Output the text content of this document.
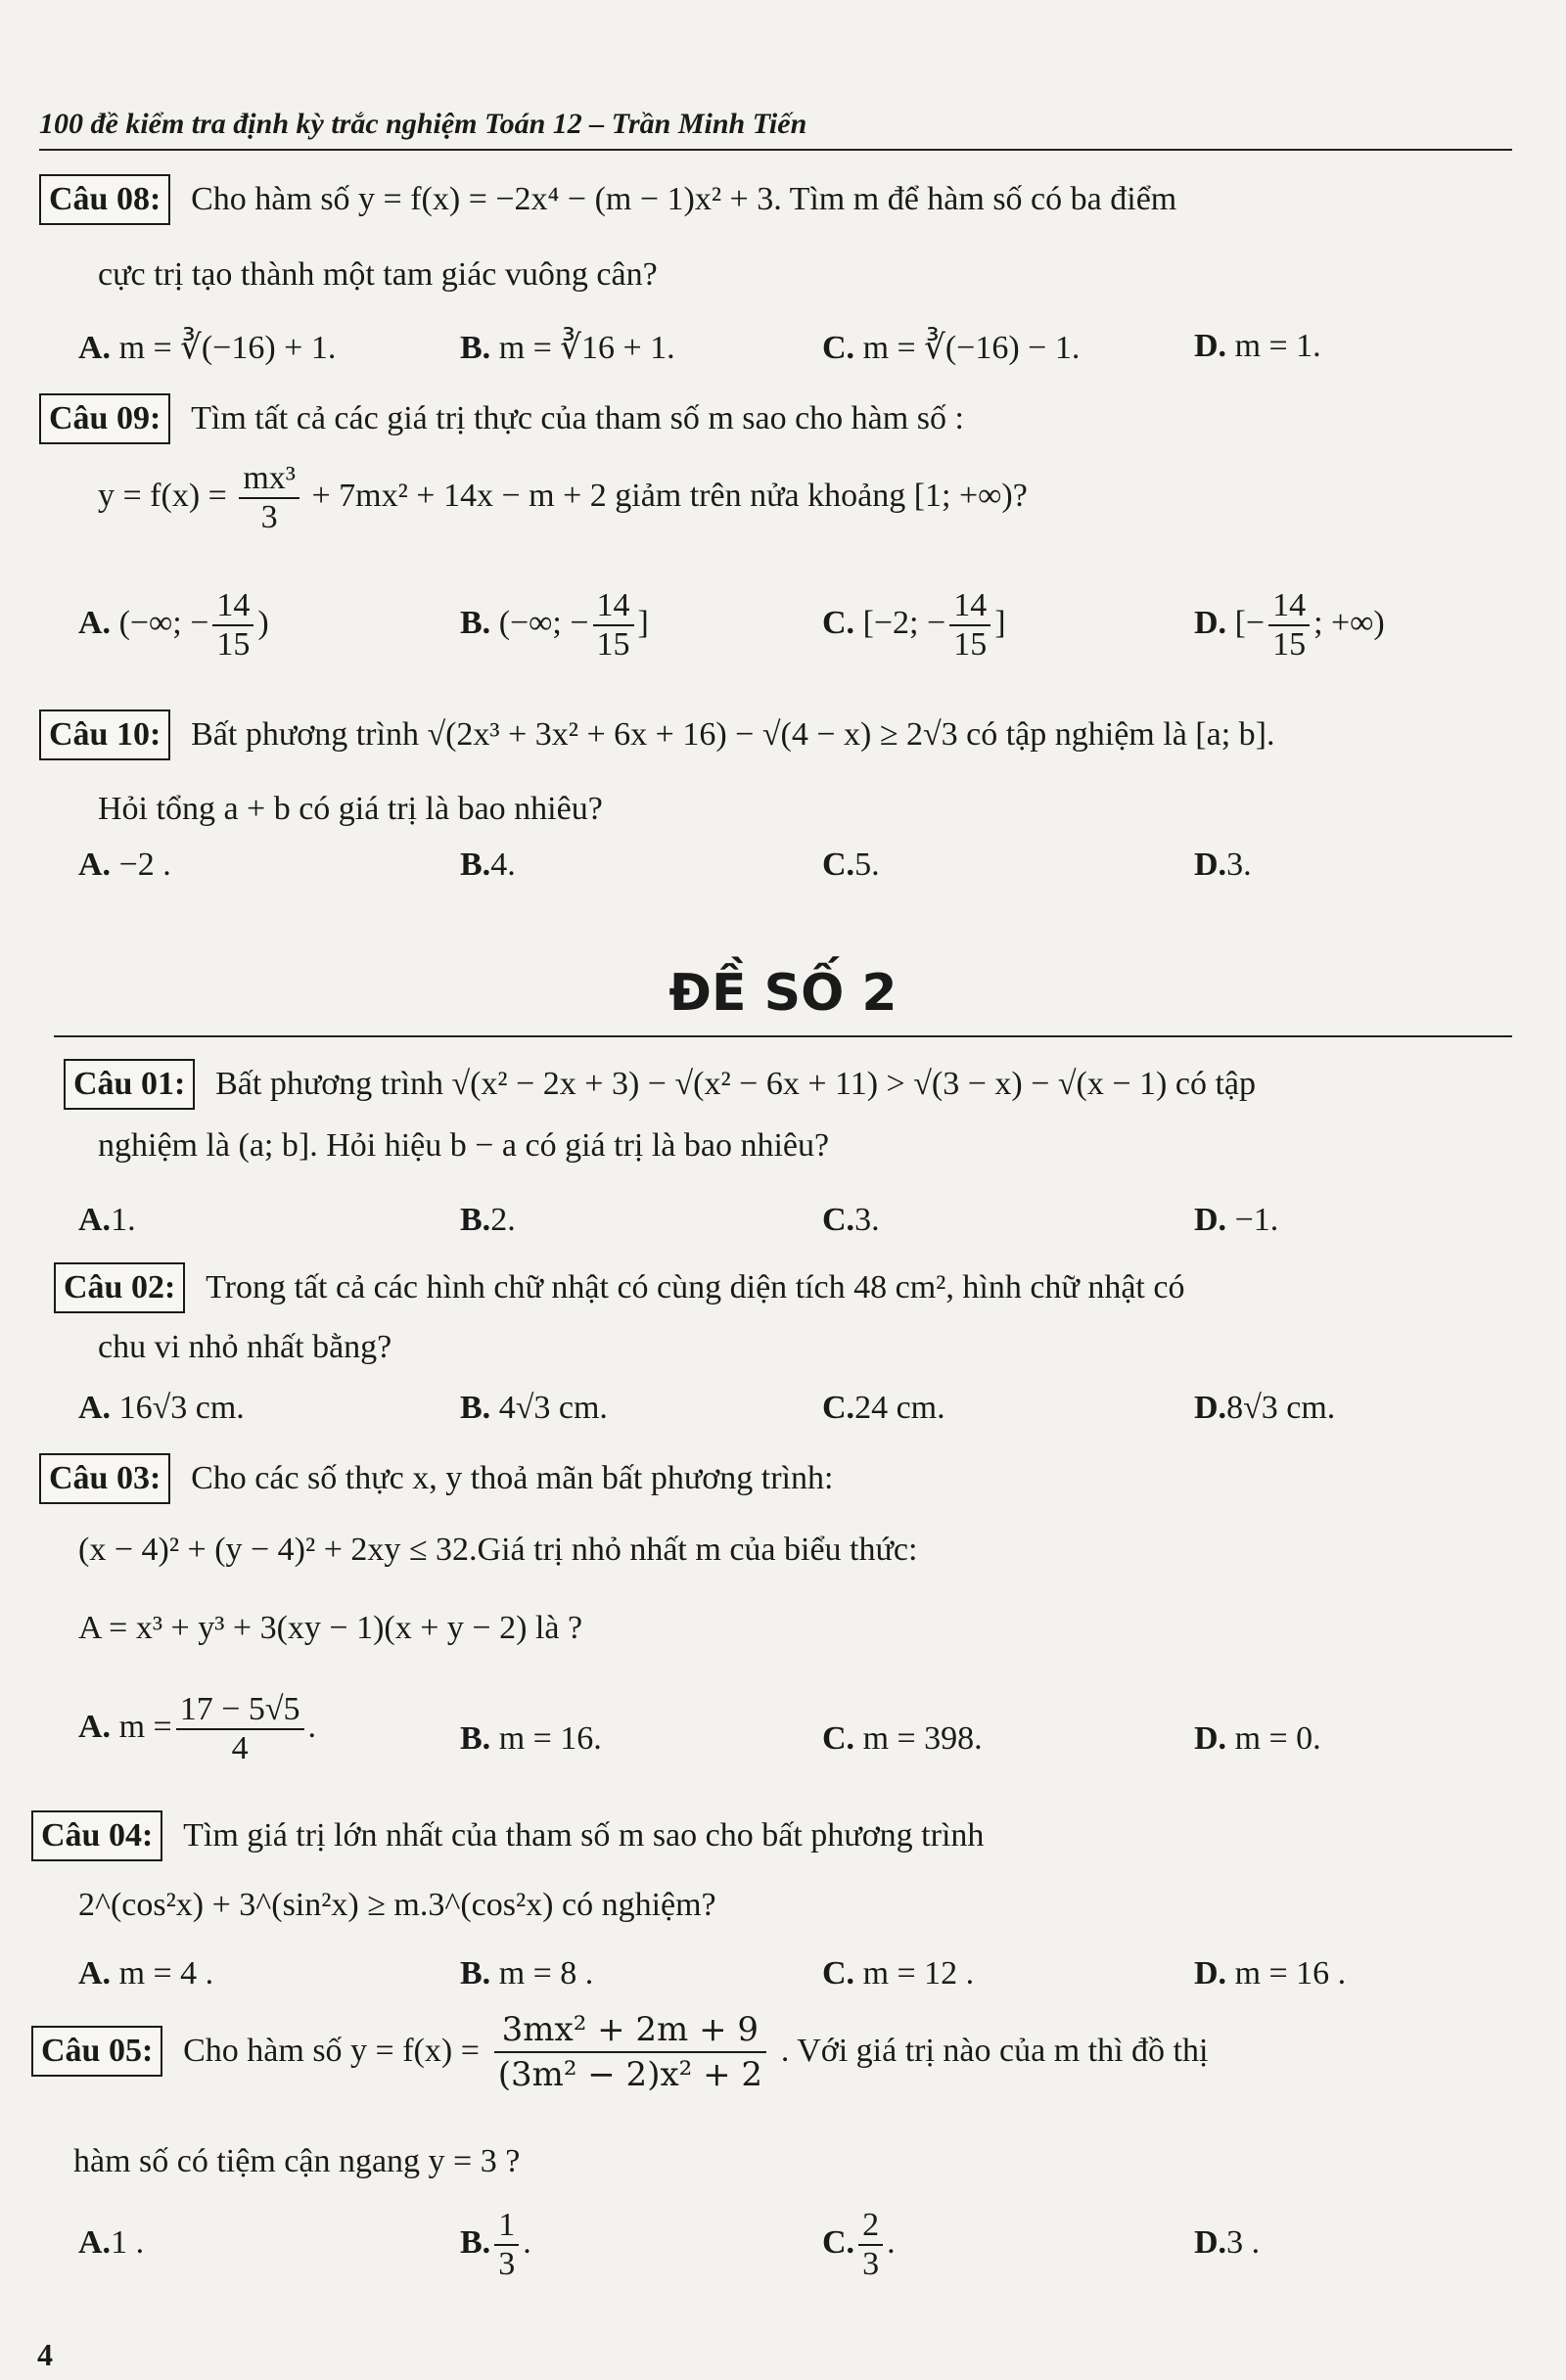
100 đề kiểm tra định kỳ trắc nghiệm Toán 12 – Trần Minh Tiến
Câu 08: Cho hàm số y = f(x) = −2x⁴ − (m − 1)x² + 3. Tìm m để hàm số có ba điểm
cực trị tạo thành một tam giác vuông cân?
A. m = ∛(−16) + 1.	B. m = ∛16 + 1.	C. m = ∛(−16) − 1.	D. m = 1.
Câu 09: Tìm tất cả các giá trị thực của tham số m sao cho hàm số :
$y = f(x) = \frac{\text{mx³}}{3} + 7mx^2 + 14x - m + 2$ giảm trên nửa khoảng [1; +∞)?
A. (−∞; − $\frac{14}{15}$ )	B. (−∞; − $\frac{14}{15}$ ]	C. [−2; − $\frac{14}{15}$ ]	D. [− $\frac{14}{15}$ ; +∞)
Câu 10: Bất phương trình √(2x³ + 3x² + 6x + 16) − √(4 − x) ≥ 2√3 có tập nghiệm là [a; b].
Hỏi tổng a + b có giá trị là bao nhiêu?
A. −2 .	B.4.	C.5.	D.3.
ĐỀ SỐ 2
Câu 01: Bất phương trình √(x² − 2x + 3) − √(x² − 6x + 11) > √(3 − x) − √(x − 1) có tập
nghiệm là (a; b]. Hỏi hiệu b − a có giá trị là bao nhiêu?
A.1.	B.2.	C.3.	D. −1.
Câu 02: Trong tất cả các hình chữ nhật có cùng diện tích 48 cm², hình chữ nhật có
chu vi nhỏ nhất bằng?
A. 16√3 cm.	B. 4√3 cm.	C.24 cm.	D.8√3 cm.
Câu 03: Cho các số thực x, y thoả mãn bất phương trình:
(x − 4)² + (y − 4)² + 2xy ≤ 32.Giá trị nhỏ nhất m của biểu thức:
A = x³ + y³ + 3(xy − 1)(x + y − 2) là ?
A. $m = \frac{17 - 5√5}{4}$ .	B. m = 16.	C. m = 398.	D. m = 0.
Câu 04: Tìm giá trị lớn nhất của tham số m sao cho bất phương trình
2^(cos²x) + 3^(sin²x) ≥ m.3^(cos²x) có nghiệm?
A. m = 4 .	B. m = 8 .	C. m = 12 .	D. m = 16 .
Câu 05: Cho hàm số $y = f(x) = \frac{\text{3mx² + 2m + 9}}{\text{(3m² − 2)x² + 2}}$ . Với giá trị nào của m thì đồ thị
hàm số có tiệm cận ngang y = 3 ?
A.1 .	B. $\frac{1}{3}$ .	C. $\frac{2}{3}$ .	D.3 .
4
